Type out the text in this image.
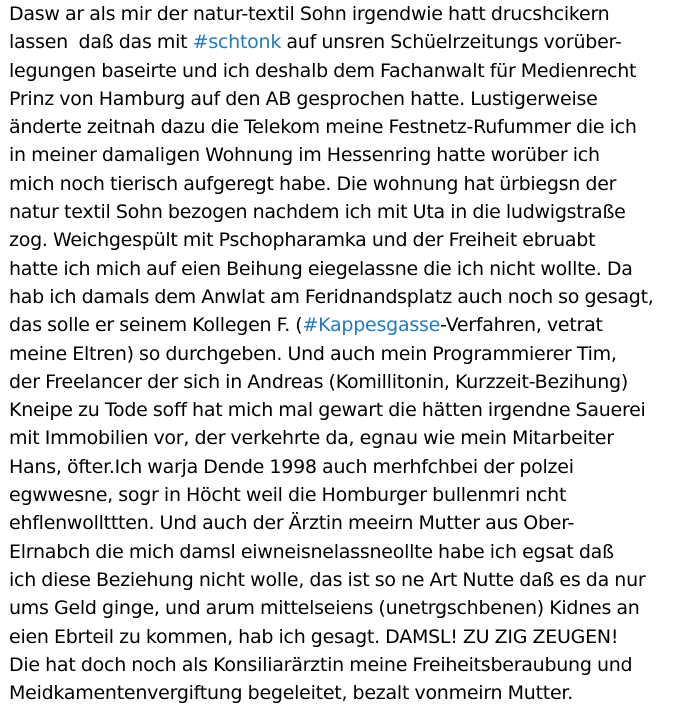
Dasw ar als mir der natur-textil Sohn irgendwie hatt drucshcikern
lassen  daß das mit #schtonk auf unsren Schüelrzeitungs vorüber-
legungen baseirte und ich deshalb dem Fachanwalt für Medienrecht
Prinz von Hamburg auf den AB gesprochen hatte. Lustigerweise
änderte zeitnah dazu die Telekom meine Festnetz-Rufummer die ich
in meiner damaligen Wohnung im Hessenring hatte worüber ich
mich noch tierisch aufgeregt habe. Die wohnung hat ürbiegsn der
natur textil Sohn bezogen nachdem ich mit Uta in die ludwigstraße
zog. Weichgespült mit Pschopharamka und der Freiheit ebruabt
hatte ich mich auf eien Beihung eiegelassne die ich nicht wollte. Da
hab ich damals dem Anwlat am Feridnandsplatz auch noch so gesagt,
das solle er seinem Kollegen F. (#Kappesgasse-Verfahren, vetrat
meine Eltren) so durchgeben. Und auch mein Programmierer Tim,
der Freelancer der sich in Andreas (Komillitonin, Kurzzeit-Bezihung)
Kneipe zu Tode soff hat mich mal gewart die hätten irgendne Sauerei
mit Immobilien vor, der verkehrte da, egnau wie mein Mitarbeiter
Hans, öfter.Ich warja Dende 1998 auch merhfchbei der polzei
egwwesne, sogr in Höcht weil die Homburger bullenmri ncht
ehflenwollttten. Und auch der Ärztin meeirn Mutter aus Ober-
Elrnabch die mich damsl eiwneisnelassneollte habe ich egsat daß
ich diese Beziehung nicht wolle, das ist so ne Art Nutte daß es da nur
ums Geld ginge, und arum mittelseiens (unetrgschbenen) Kidnes an
eien Ebrteil zu kommen, hab ich gesagt. DAMSL! ZU ZIG ZEUGEN!
Die hat doch noch als Konsiliarärztin meine Freiheitsberaubung und
Meidkamentenvergiftung begeleitet, bezalt vonmeirn Mutter.
